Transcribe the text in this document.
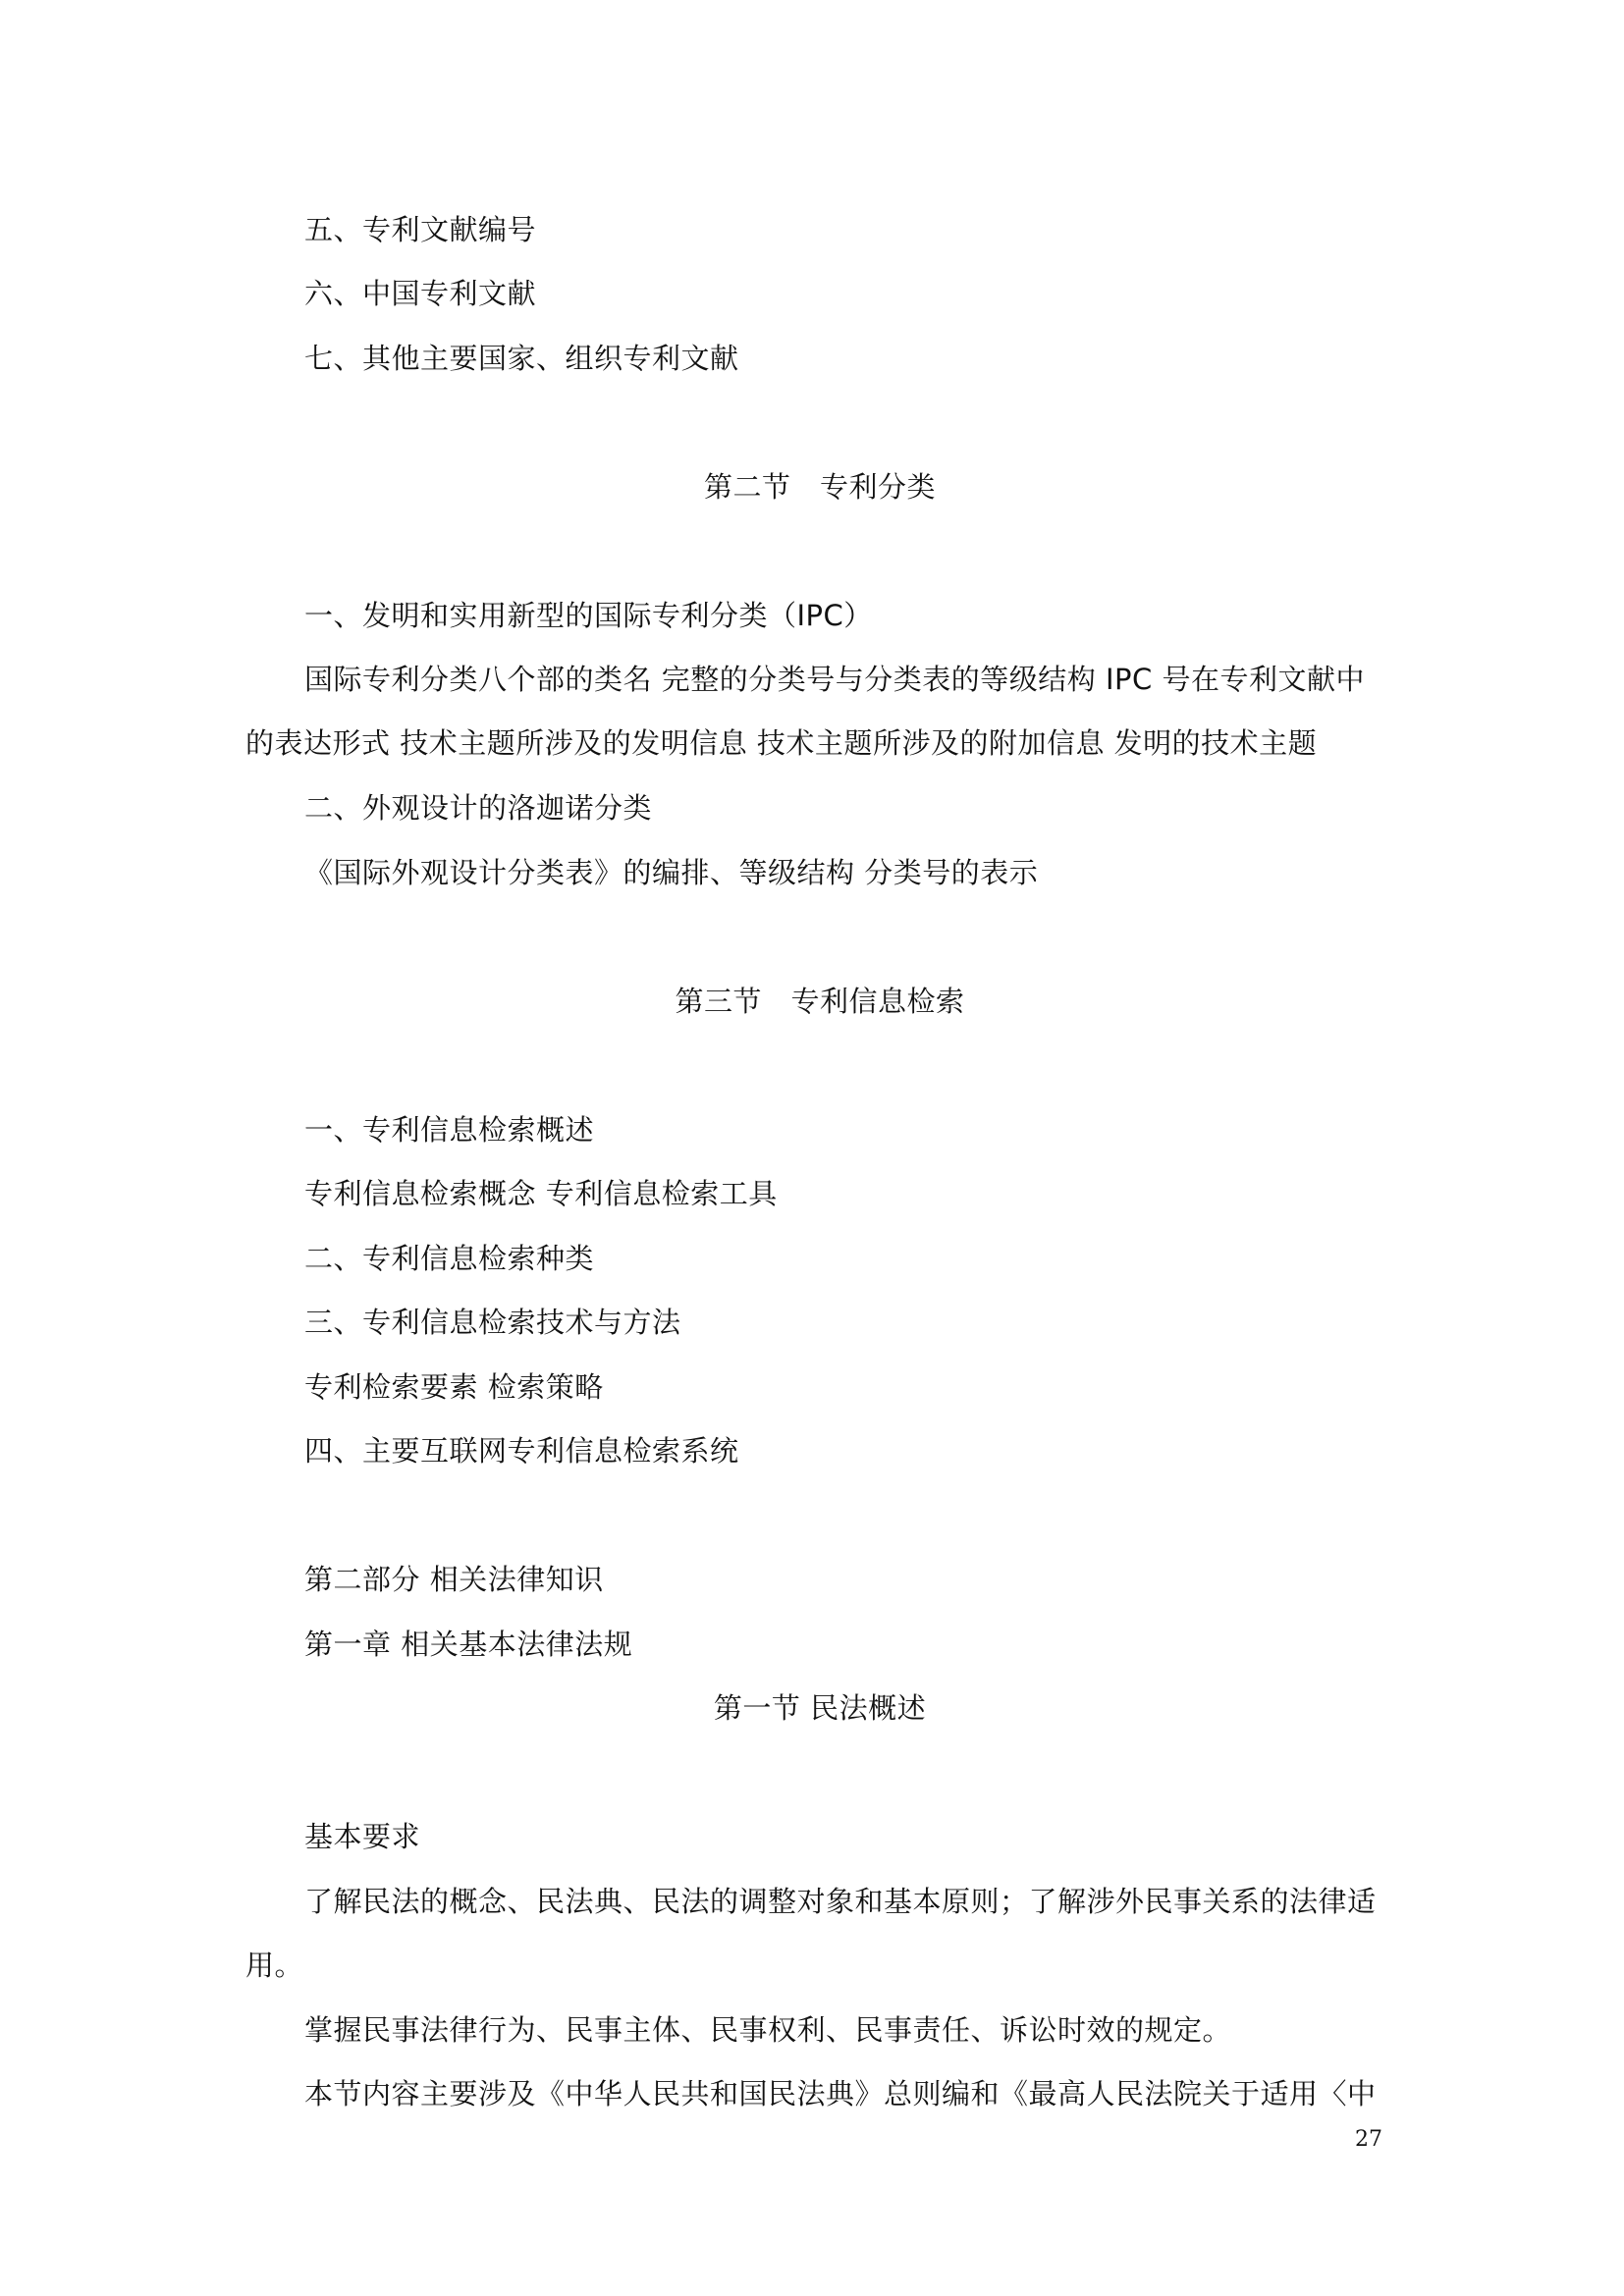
五、专利文献编号
六、中国专利文献
七、其他主要国家、组织专利文献
第二节　专利分类
一、发明和实用新型的国际专利分类（IPC）
国际专利分类八个部的类名 完整的分类号与分类表的等级结构 IPC 号在专利文献中
的表达形式 技术主题所涉及的发明信息 技术主题所涉及的附加信息 发明的技术主题
二、外观设计的洛迦诺分类
《国际外观设计分类表》的编排、等级结构 分类号的表示
第三节　专利信息检索
一、专利信息检索概述
专利信息检索概念 专利信息检索工具
二、专利信息检索种类
三、专利信息检索技术与方法
专利检索要素 检索策略
四、主要互联网专利信息检索系统
第二部分 相关法律知识
第一章 相关基本法律法规
第一节 民法概述
基本要求
了解民法的概念、民法典、民法的调整对象和基本原则；了解涉外民事关系的法律适
用。
掌握民事法律行为、民事主体、民事权利、民事责任、诉讼时效的规定。
本节内容主要涉及《中华人民共和国民法典》总则编和《最高人民法院关于适用〈中
27
